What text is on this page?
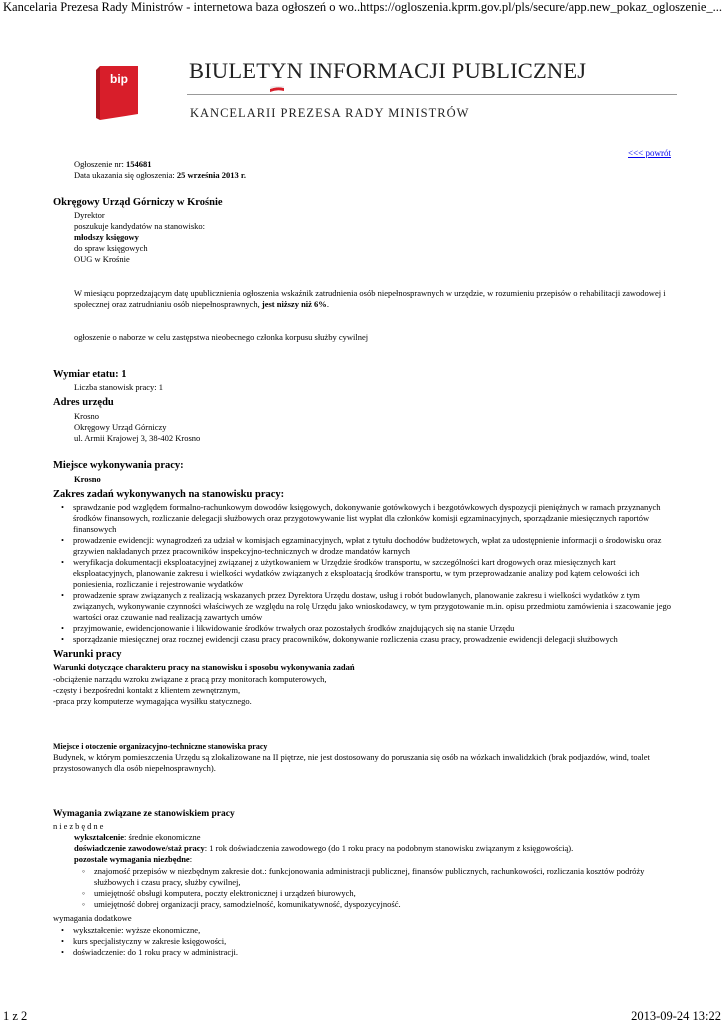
Kancelaria Prezesa Rady Ministrów - internetowa baza ogłoszeń o wo...
https://ogloszenia.kprm.gov.pl/pls/secure/app.new_pokaz_ogloszenie_...
1 z 2	2013-09-24 13:22
bip	BIULETYN INFORMACJI PUBLICZNEJ
KANCELARII PREZESA RADY MINISTRÓW
<<< powrót
Ogłoszenie nr: 154681
Data ukazania się ogłoszenia: 25 września 2013 r.
Okręgowy Urząd Górniczy w Krośnie
Dyrektor
poszukuje kandydatów na stanowisko:
młodszy księgowy
do spraw księgowych
OUG w Krośnie
W miesiącu poprzedzającym datę upublicznienia ogłoszenia wskaźnik zatrudnienia osób niepełnosprawnych w urzędzie, w rozumieniu przepisów o rehabilitacji zawodowej i społecznej oraz zatrudnianiu osób niepełnosprawnych, jest niższy niż 6%.
ogłoszenie o naborze w celu zastępstwa nieobecnego członka korpusu służby cywilnej
Wymiar etatu: 1
Liczba stanowisk pracy: 1
Adres urzędu
Krosno
Okręgowy Urząd Górniczy
ul. Armii Krajowej 3, 38-402 Krosno
Miejsce wykonywania pracy:
Krosno
Zakres zadań wykonywanych na stanowisku pracy:
• sprawdzanie pod względem formalno-rachunkowym dowodów księgowych, dokonywanie gotówkowych i bezgotówkowych dyspozycji pieniężnych w ramach przyznanych środków finansowych, rozliczanie delegacji służbowych oraz przygotowywanie list wypłat dla członków komisji egzaminacyjnych, sporządzanie miesięcznych raportów finansowych
• prowadzenie ewidencji: wynagrodzeń za udział w komisjach egzaminacyjnych, wpłat z tytułu dochodów budżetowych, wpłat za udostępnienie informacji o środowisku oraz grzywien nakładanych przez pracowników inspekcyjno-technicznych w drodze mandatów karnych
• weryfikacja dokumentacji eksploatacyjnej związanej z użytkowaniem w Urzędzie środków transportu, w szczególności kart drogowych oraz miesięcznych kart eksploatacyjnych, planowanie zakresu i wielkości wydatków związanych z eksploatacją środków transportu, w tym przeprowadzanie analizy pod kątem celowości ich poniesienia, rozliczanie i rejestrowanie wydatków
• prowadzenie spraw związanych z realizacją wskazanych przez Dyrektora Urzędu dostaw, usług i robót budowlanych, planowanie zakresu i wielkości wydatków z tym związanych, wykonywanie czynności właściwych ze względu na rolę Urzędu jako wnioskodawcy, w tym przygotowanie m.in. opisu przedmiotu zamówienia i szacowanie jego wartości oraz czuwanie nad realizacją zawartych umów
• przyjmowanie, ewidencjonowanie i likwidowanie środków trwałych oraz pozostałych środków znajdujących się na stanie Urzędu
• sporządzanie miesięcznej oraz rocznej ewidencji czasu pracy pracowników, dokonywanie rozliczenia czasu pracy, prowadzenie ewidencji delegacji służbowych
Warunki pracy
Warunki dotyczące charakteru pracy na stanowisku i sposobu wykonywania zadań
-obciążenie narządu wzroku związane z pracą przy monitorach komputerowych,
-częsty i bezpośredni kontakt z klientem zewnętrznym,
-praca przy komputerze wymagająca wysiłku statycznego.
Miejsce i otoczenie organizacyjno-techniczne stanowiska pracy
Budynek, w którym pomieszczenia Urzędu są zlokalizowane na II piętrze, nie jest dostosowany do poruszania się osób na wózkach inwalidzkich (brak podjazdów, wind, toalet przystosowanych dla osób niepełnosprawnych).
Wymagania związane ze stanowiskiem pracy
niezbędne
wykształcenie: średnie ekonomiczne
doświadczenie zawodowe/staż pracy: 1 rok doświadczenia zawodowego (do 1 roku pracy na podobnym stanowisku związanym z księgowością).
pozostałe wymagania niezbędne:
◦ znajomość przepisów w niezbędnym zakresie dot.: funkcjonowania administracji publicznej, finansów publicznych, rachunkowości, rozliczania kosztów podróży służbowych i czasu pracy, służby cywilnej,
◦ umiejętność obsługi komputera, poczty elektronicznej i urządzeń biurowych,
◦ umiejętność dobrej organizacji pracy, samodzielność, komunikatywność, dyspozycyjność.
wymagania dodatkowe
• wykształcenie: wyższe ekonomiczne,
• kurs specjalistyczny w zakresie księgowości,
• doświadczenie: do 1 roku pracy w administracji.
